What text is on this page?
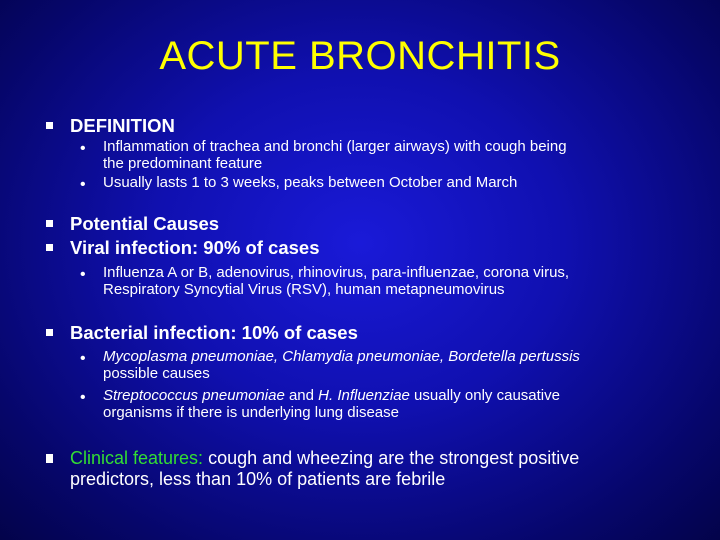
ACUTE BRONCHITIS
DEFINITION
• Inflammation of trachea and bronchi (larger airways) with cough being
the predominant feature
• Usually lasts 1 to 3 weeks, peaks between October and March
Potential Causes
Viral infection: 90% of cases
• Influenza A or B, adenovirus, rhinovirus, para-influenzae, corona virus,
Respiratory Syncytial Virus (RSV), human metapneumovirus
Bacterial infection: 10% of cases
• Mycoplasma pneumoniae, Chlamydia pneumoniae, Bordetella pertussis
possible causes
• Streptococcus pneumoniae and H. Influenziae usually only causative
organisms if there is underlying lung disease
Clinical features: cough and wheezing are the strongest positive
predictors, less than 10% of patients are febrile
